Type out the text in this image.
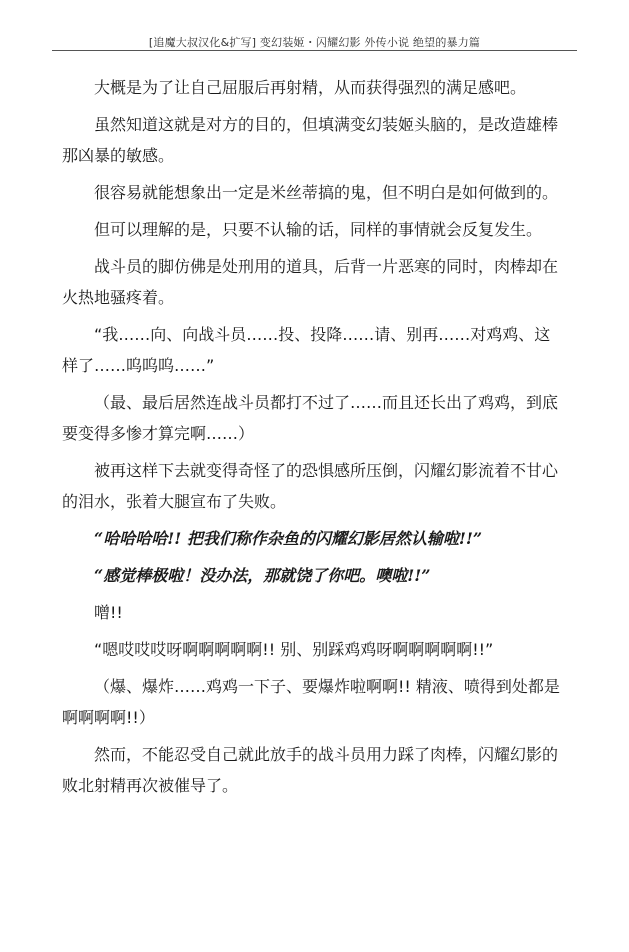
[追魔大叔汉化&扩写] 变幻装姬・闪耀幻影 外传小说 绝望的暴力篇

大概是为了让自己屈服后再射精，从而获得强烈的满足感吧。

虽然知道这就是对方的目的，但填满变幻装姬头脑的，是改造雄棒那凶暴的敏感。

很容易就能想象出一定是米丝蒂搞的鬼，但不明白是如何做到的。

但可以理解的是，只要不认输的话，同样的事情就会反复发生。

战斗员的脚仿佛是处刑用的道具，后背一片恶寒的同时，肉棒却在火热地骚疼着。

“我……向、向战斗员……投、投降……请、别再……对鸡鸡、这样了……呜呜呜……”

（最、最后居然连战斗员都打不过了……而且还长出了鸡鸡，到底要变得多惨才算完啊……）

被再这样下去就变得奇怪了的恐惧感所压倒，闪耀幻影流着不甘心的泪水，张着大腿宣布了失败。

“哈哈哈哈!! 把我们称作杂鱼的闪耀幻影居然认输啦!!”

“感觉棒极啦！没办法，那就饶了你吧。噢啦!!”

噌!!

“嗯哎哎哎呀啊啊啊啊啊!! 别、别踩鸡鸡呀啊啊啊啊啊!!”

（爆、爆炸……鸡鸡一下子、要爆炸啦啊啊!! 精液、喷得到处都是啊啊啊啊!!）

然而，不能忍受自己就此放手的战斗员用力踩了肉棒，闪耀幻影的败北射精再次被催导了。
